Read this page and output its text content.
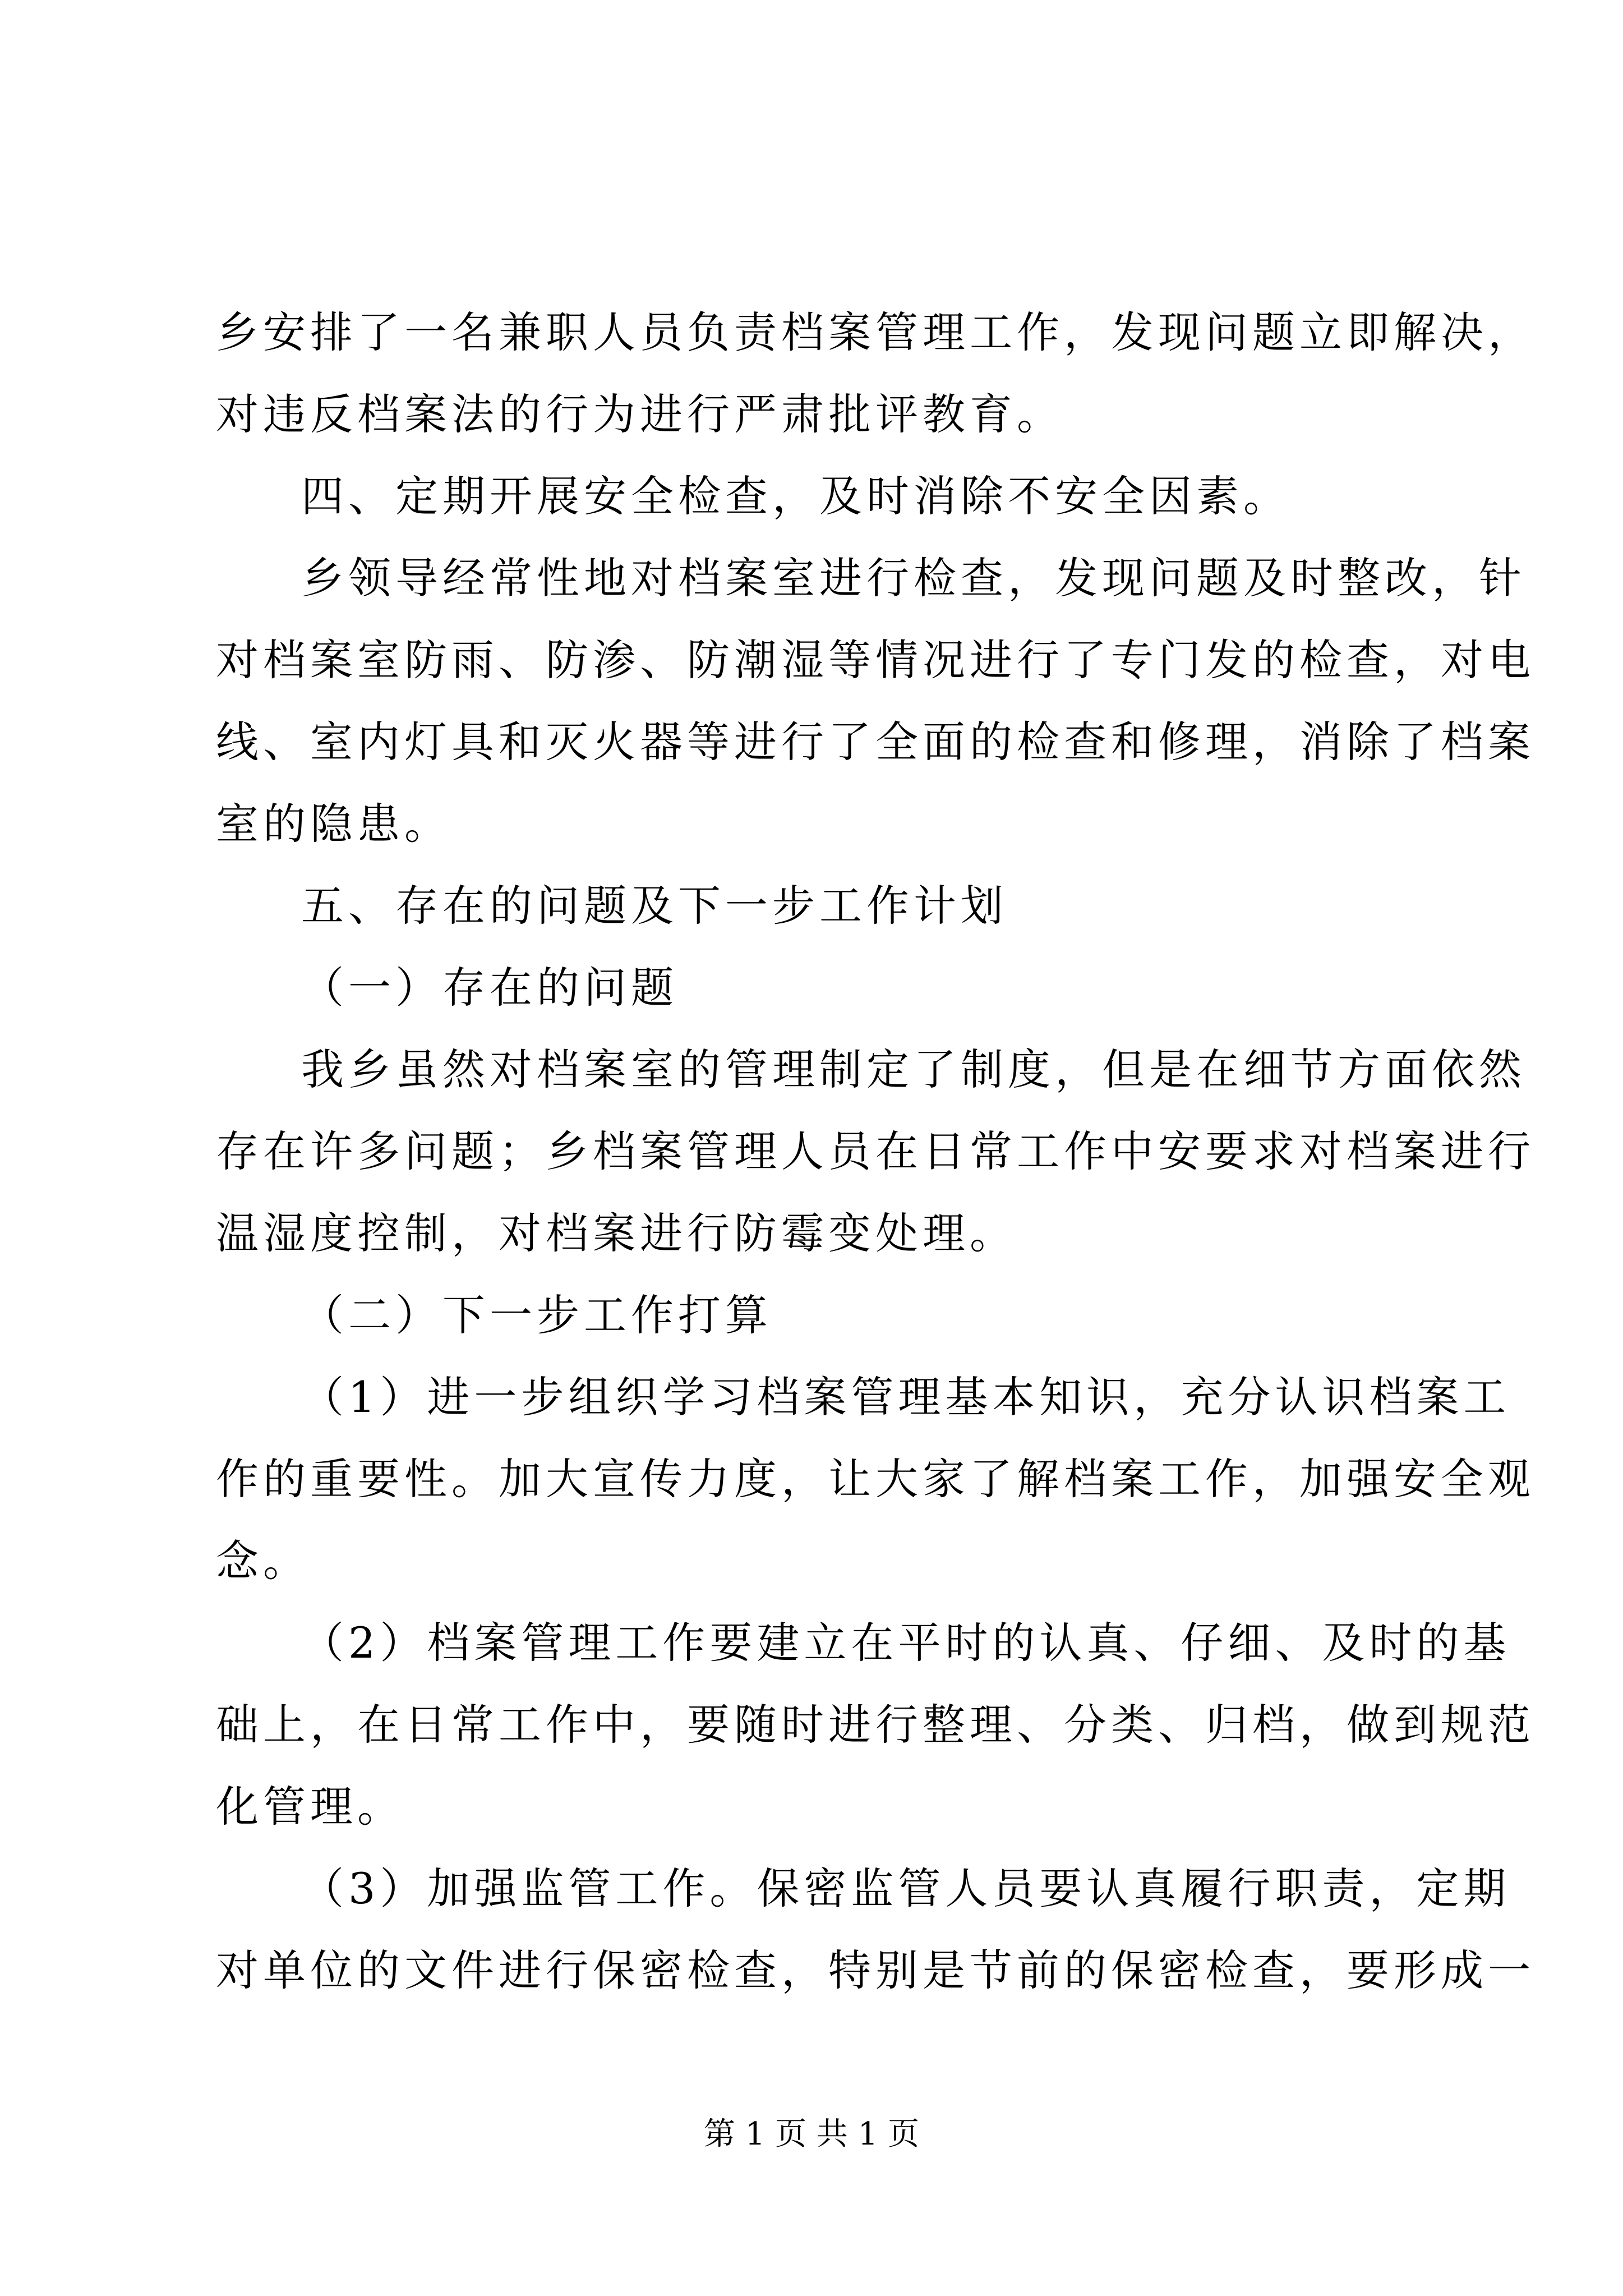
乡安排了一名兼职人员负责档案管理工作，发现问题立即解决，
对违反档案法的行为进行严肃批评教育。
四、定期开展安全检查，及时消除不安全因素。
乡领导经常性地对档案室进行检查，发现问题及时整改，针
对档案室防雨、防渗、防潮湿等情况进行了专门发的检查，对电
线、室内灯具和灭火器等进行了全面的检查和修理，消除了档案
室的隐患。
五、存在的问题及下一步工作计划
（一）存在的问题
我乡虽然对档案室的管理制定了制度，但是在细节方面依然
存在许多问题；乡档案管理人员在日常工作中安要求对档案进行
温湿度控制，对档案进行防霉变处理。
（二）下一步工作打算
（1）进一步组织学习档案管理基本知识，充分认识档案工
作的重要性。加大宣传力度，让大家了解档案工作，加强安全观
念。
（2）档案管理工作要建立在平时的认真、仔细、及时的基
础上，在日常工作中，要随时进行整理、分类、归档，做到规范
化管理。
（3）加强监管工作。保密监管人员要认真履行职责，定期
对单位的文件进行保密检查，特别是节前的保密检查，要形成一
第 1 页 共 1 页
